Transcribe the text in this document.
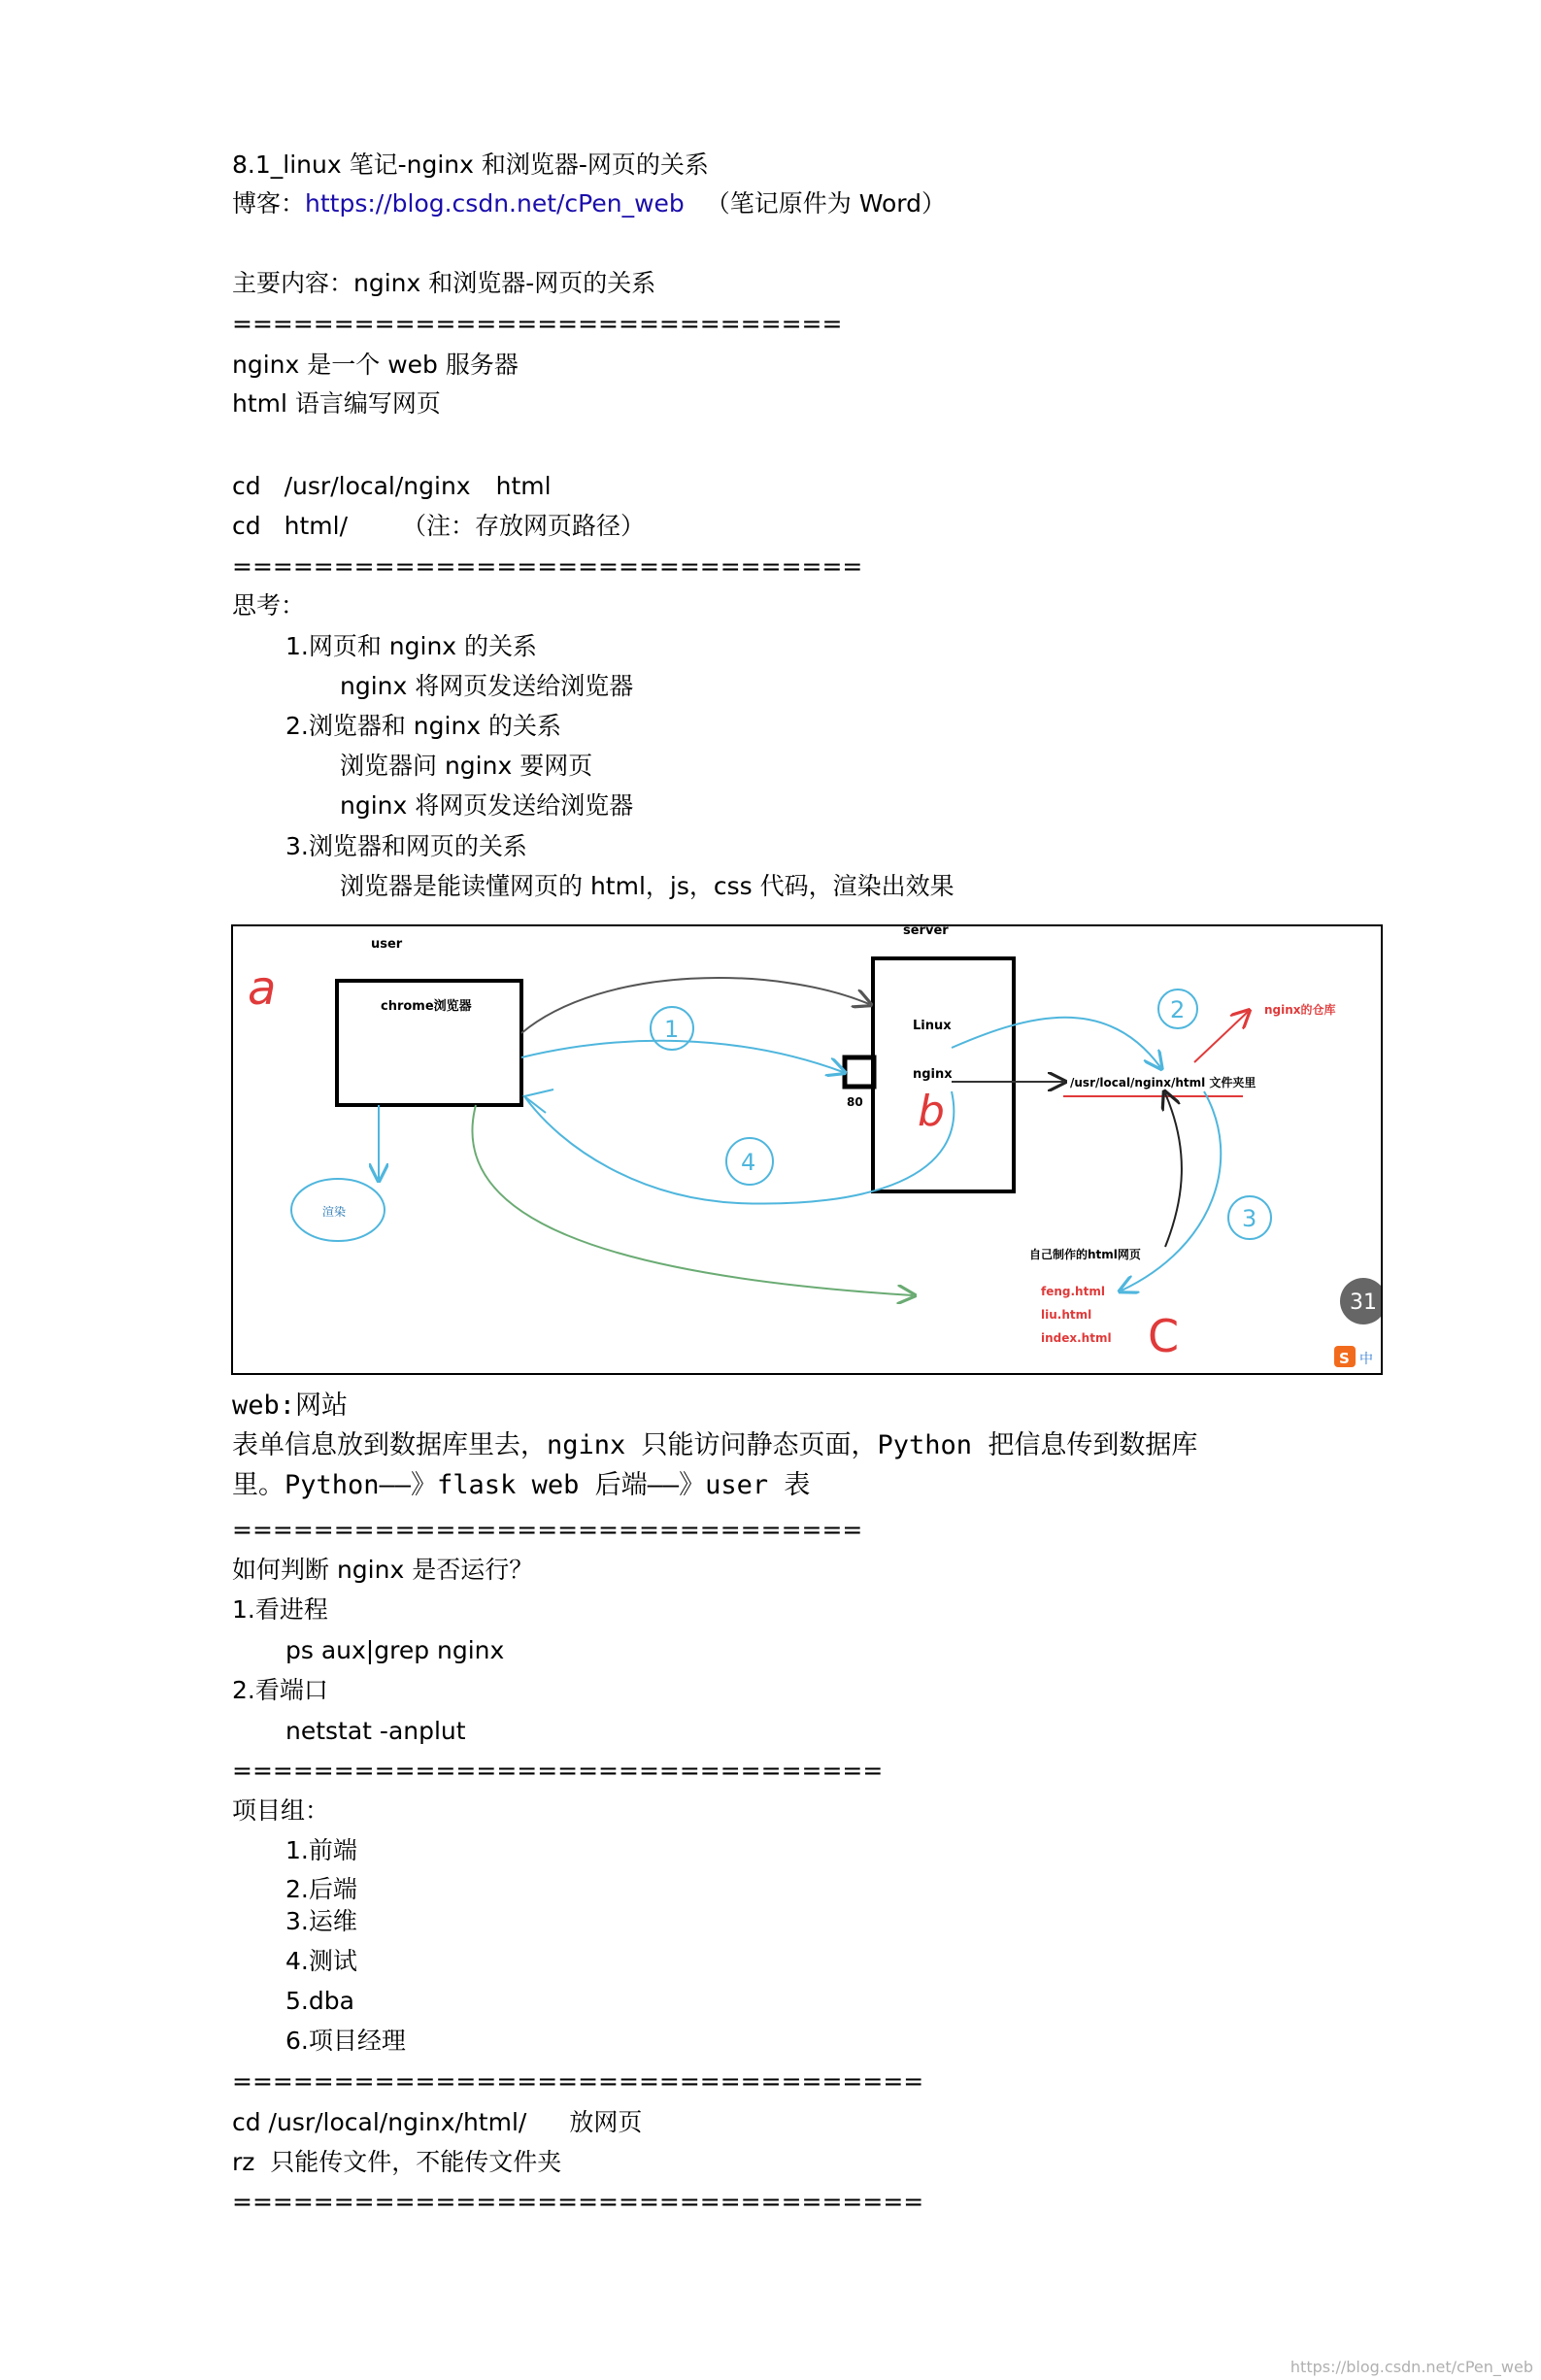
8.1_linux 笔记-nginx 和浏览器-网页的关系
博客：https://blog.csdn.net/cPen_web （笔记原件为 Word）
主要内容：nginx 和浏览器-网页的关系
==============================
nginx 是一个 web 服务器
html 语言编写网页
cd /usr/local/nginx html
cd html/ （注：存放网页路径）
===============================
思考：
1.网页和 nginx 的关系
nginx 将网页发送给浏览器
2.浏览器和 nginx 的关系
浏览器问 nginx 要网页
nginx 将网页发送给浏览器
3.浏览器和网页的关系
浏览器是能读懂网页的 html，js，css 代码，渲染出效果
user
server
chrome浏览器
Linux
nginx
80
/usr/local/nginx/html 文件夹里
nginx的仓库
渲染
自己制作的html网页
feng.html
liu.html
index.html
a
b
C
1
2
3
4
31
S 中
web:网站
表单信息放到数据库里去，nginx 只能访问静态页面，Python 把信息传到数据库
里。Python——》flask web 后端——》user 表
===============================
如何判断 nginx 是否运行？
1.看进程
ps aux|grep nginx
2.看端口
netstat -anplut
================================
项目组：
1.前端
2.后端
3.运维
4.测试
5.dba
6.项目经理
==================================
cd /usr/local/nginx/html/ 放网页
rz  只能传文件，不能传文件夹
==================================
https://blog.csdn.net/cPen_web
